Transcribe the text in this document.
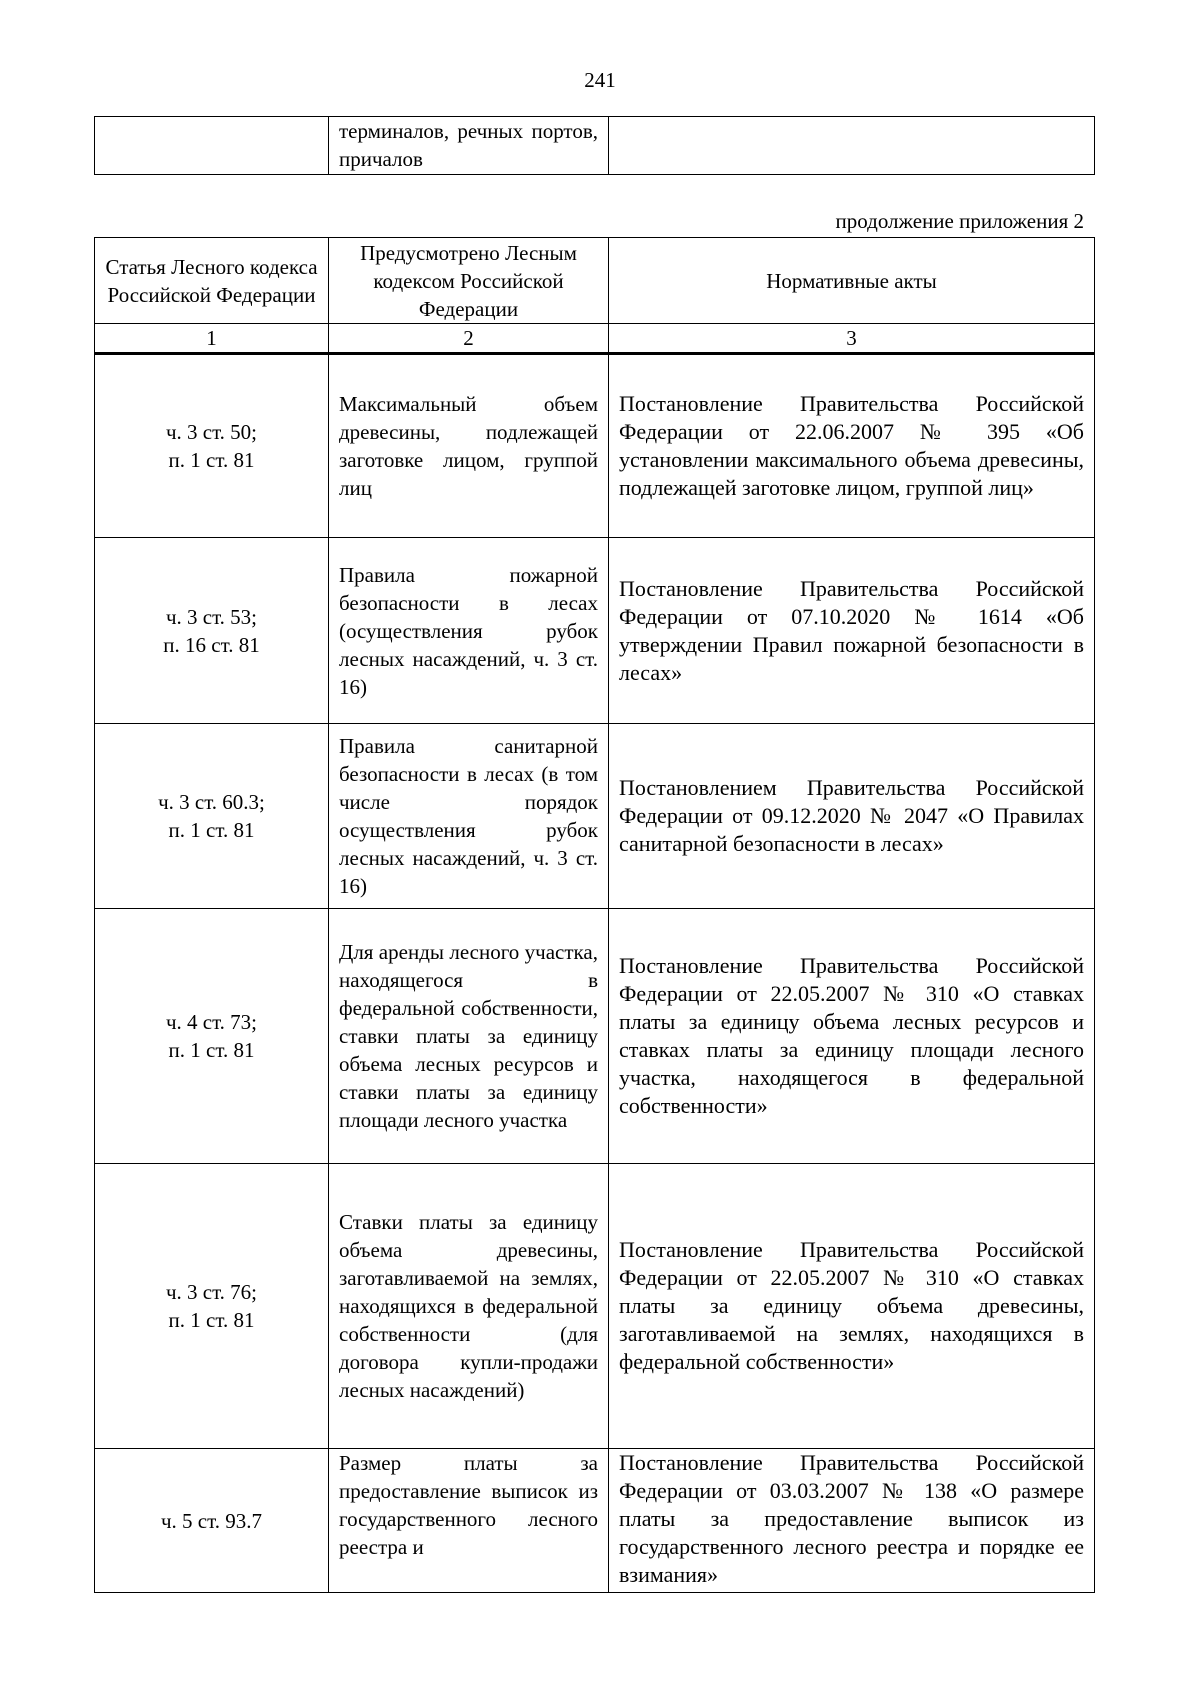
241
	терминалов, речных портов, причалов	
продолжение приложения 2
Статья Лесного кодекса Российской Федерации	Предусмотрено Лесным кодексом Российской Федерации	Нормативные акты
1	2	3

ч. 3 ст. 50;
п. 1 ст. 81	Максимальный объем древесины, подлежащей заготовке лицом, группой лиц	Постановление Правительства Российской Федерации от 22.06.2007 № 395 «Об установлении максимального объема древесины, подлежащей заготовке лицом, группой лиц»

ч. 3 ст. 53;
п. 16 ст. 81	Правила пожарной безопасности в лесах (осуществления рубок лесных насаждений, ч. 3 ст. 16)	Постановление Правительства Российской Федерации от 07.10.2020 № 1614 «Об утверждении Правил пожарной безопасности в лесах»

ч. 3 ст. 60.3;
п. 1 ст. 81	Правила санитарной безопасности в лесах (в том числе порядок осуществления рубок лесных насаждений, ч. 3 ст. 16)	Постановлением Правительства Российской Федерации от 09.12.2020 № 2047 «О Правилах санитарной безопасности в лесах»

ч. 4 ст. 73;
п. 1 ст. 81	Для аренды лесного участка, находящегося в федеральной собственности, ставки платы за единицу объема лесных ресурсов и ставки платы за единицу площади лесного участка	Постановление Правительства Российской Федерации от 22.05.2007 № 310 «О ставках платы за единицу объема лесных ресурсов и ставках платы за единицу площади лесного участка, находящегося в федеральной собственности»

ч. 3 ст. 76;
п. 1 ст. 81	Ставки платы за единицу объема древесины, заготавливаемой на землях, находящихся в федеральной собственности (для договора купли-продажи лесных насаждений)	Постановление Правительства Российской Федерации от 22.05.2007 № 310 «О ставках платы за единицу объема древесины, заготавливаемой на землях, находящихся в федеральной собственности»

ч. 5 ст. 93.7	Размер платы за предоставление выписок из государственного лесного реестра и	Постановление Правительства Российской Федерации от 03.03.2007 № 138 «О размере платы за предоставление выписок из государственного лесного реестра и порядке ее взимания»
